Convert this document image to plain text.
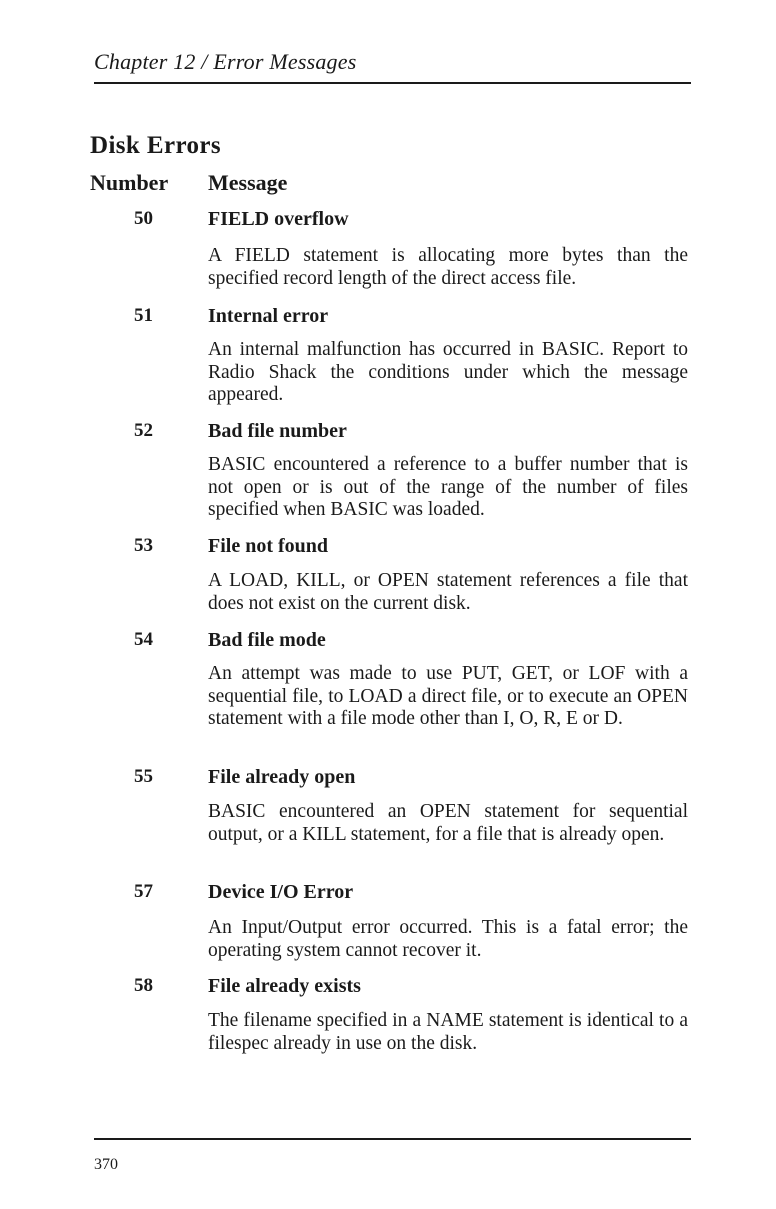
Chapter 12 / Error Messages
Disk Errors
Number Message
50	FIELD overflow
A FIELD statement is allocating more bytes than the specified record length of the direct access file.
51	Internal error
An internal malfunction has occurred in BASIC. Report to Radio Shack the conditions under which the message appeared.
52	Bad file number
BASIC encountered a reference to a buffer number that is not open or is out of the range of the number of files specified when BASIC was loaded.
53	File not found
A LOAD, KILL, or OPEN statement references a file that does not exist on the current disk.
54	Bad file mode
An attempt was made to use PUT, GET, or LOF with a sequential file, to LOAD a direct file, or to execute an OPEN statement with a file mode other than I, O, R, E or D.
55	File already open
BASIC encountered an OPEN statement for sequential output, or a KILL statement, for a file that is already open.
57	Device I/O Error
An Input/Output error occurred. This is a fatal error; the operating system cannot recover it.
58	File already exists
The filename specified in a NAME statement is identical to a filespec already in use on the disk.
370
